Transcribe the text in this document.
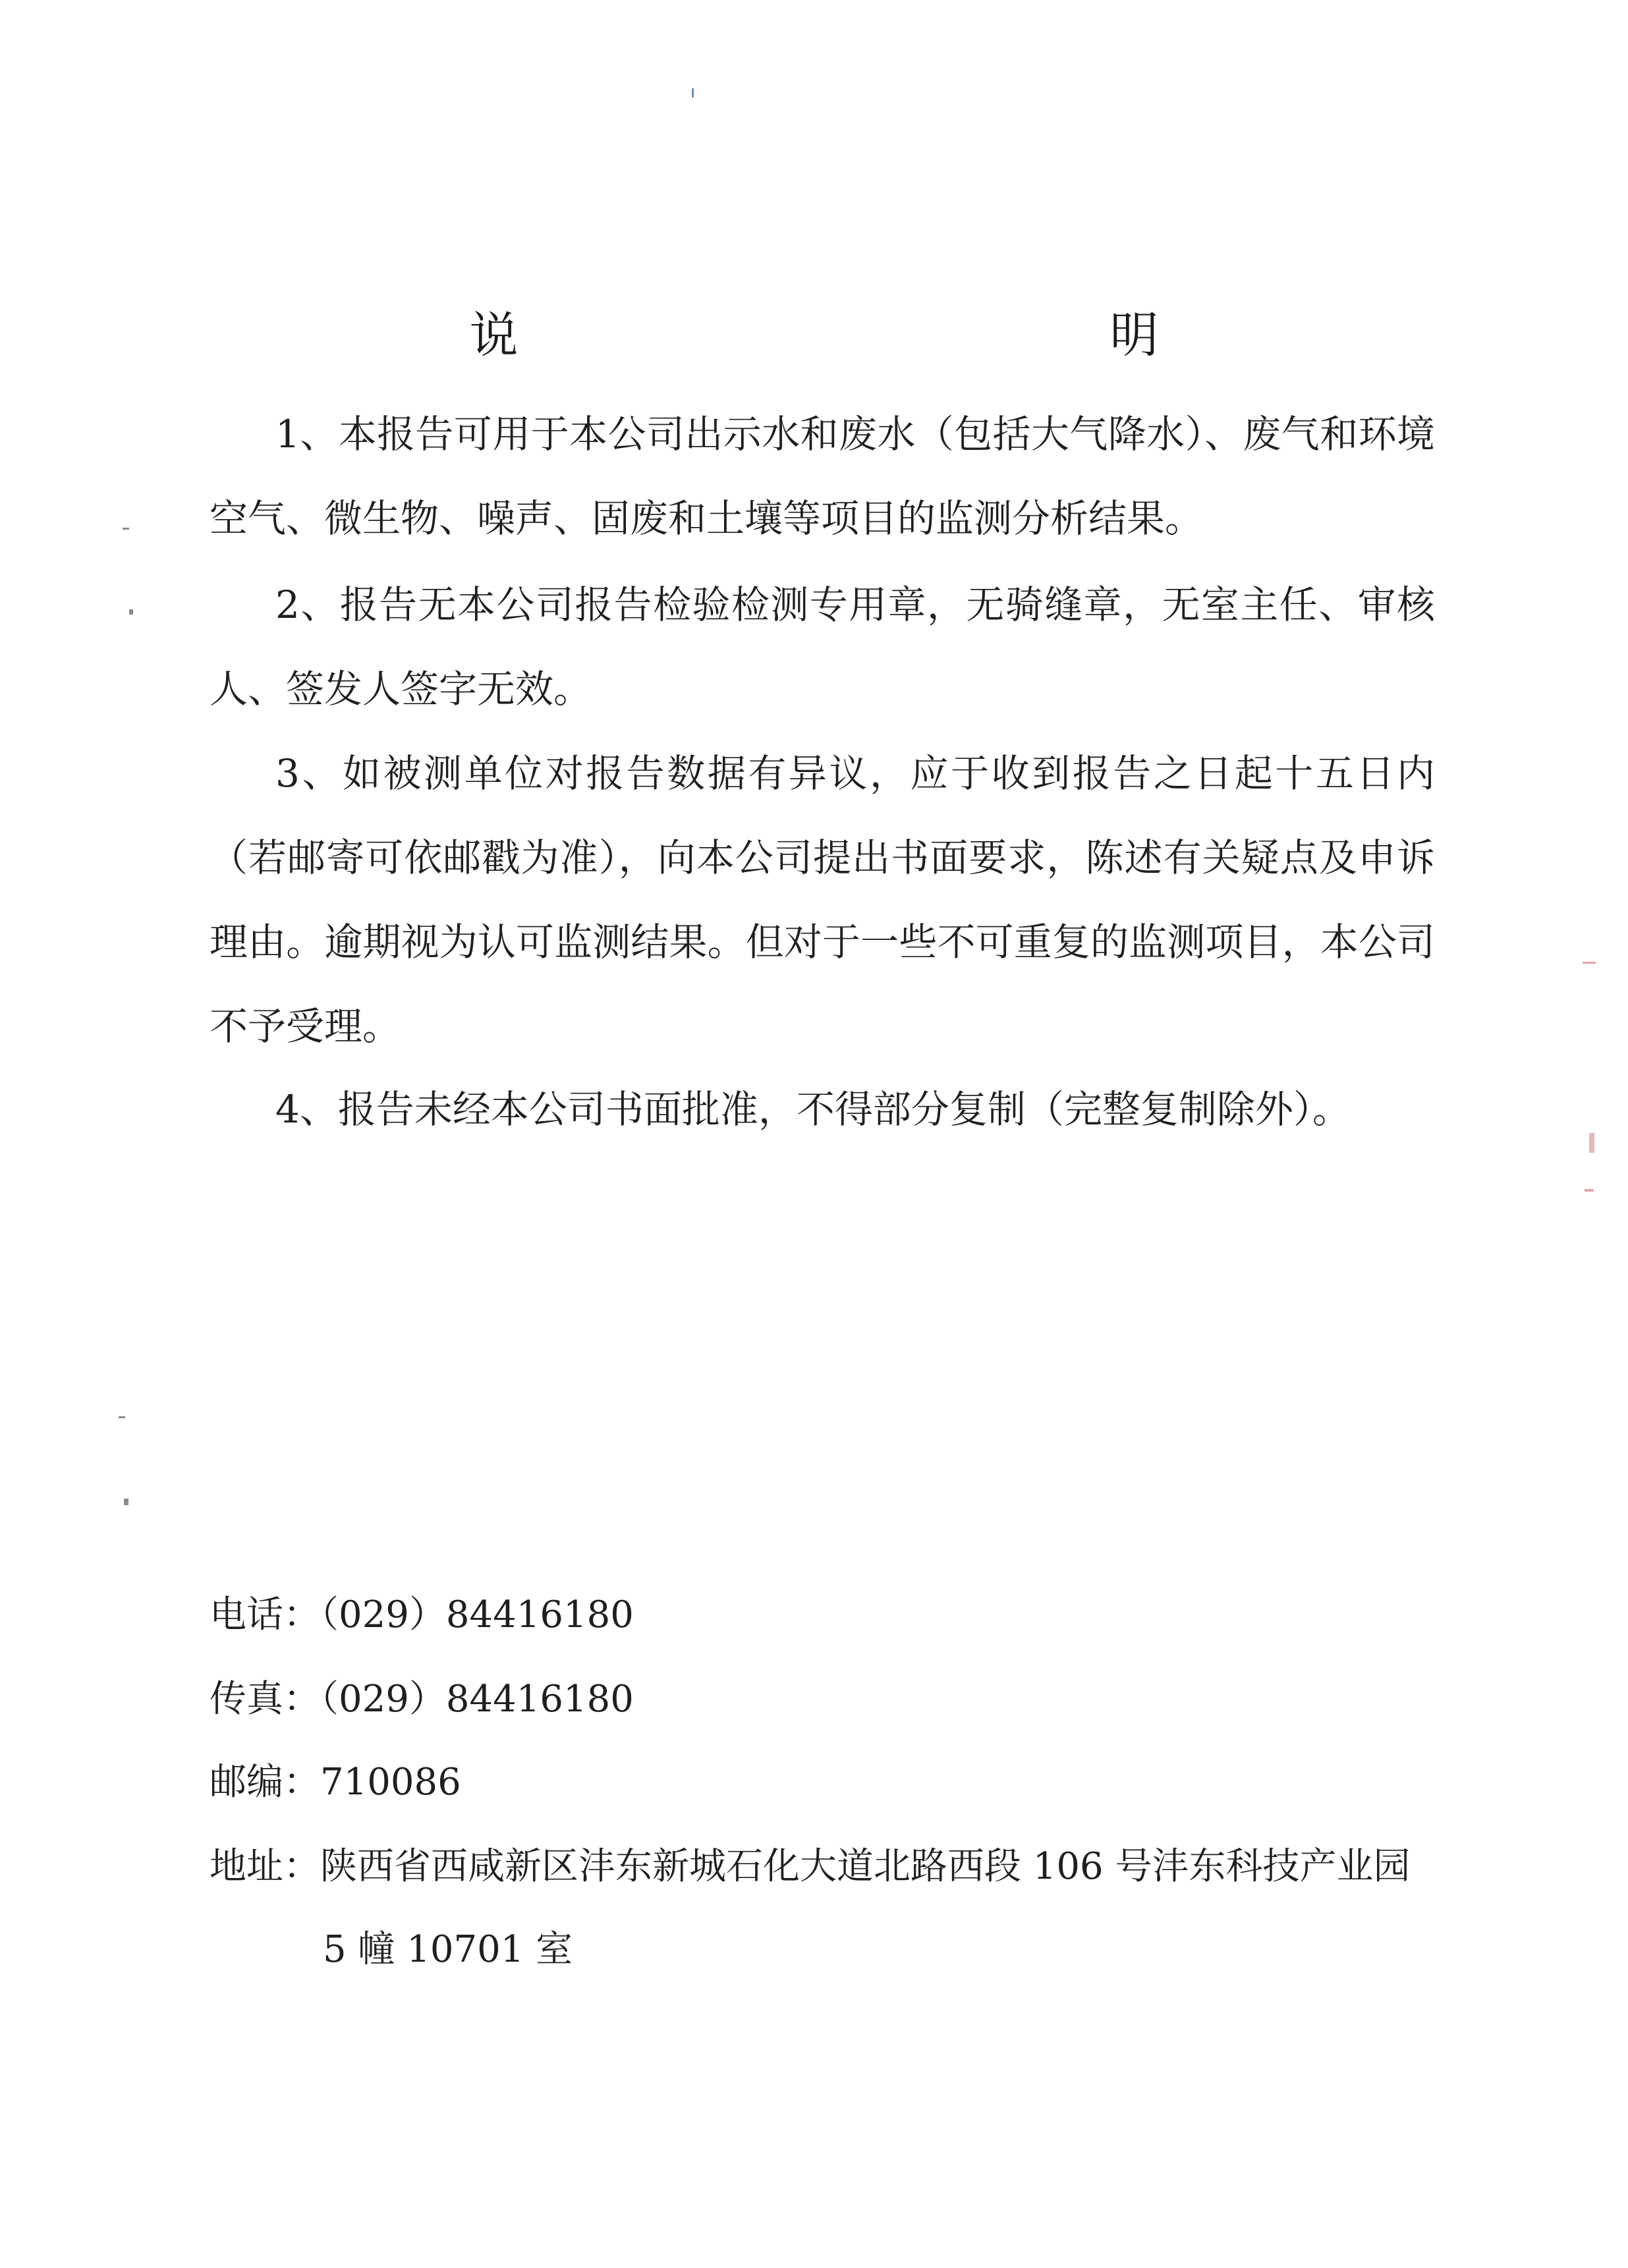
说　　明
1、本报告可用于本公司出示水和废水（包括大气降水）、废气和环境空气、微生物、噪声、固废和土壤等项目的监测分析结果。
2、报告无本公司报告检验检测专用章，无骑缝章，无室主任、审核人、签发人签字无效。
3、如被测单位对报告数据有异议，应于收到报告之日起十五日内（若邮寄可依邮戳为准），向本公司提出书面要求，陈述有关疑点及申诉理由。逾期视为认可监测结果。但对于一些不可重复的监测项目，本公司不予受理。
4、报告未经本公司书面批准，不得部分复制（完整复制除外）。
电话：（029）84416180
传真：（029）84416180
邮编：710086
地址：陕西省西咸新区沣东新城石化大道北路西段 106 号沣东科技产业园
5 幢 10701 室
